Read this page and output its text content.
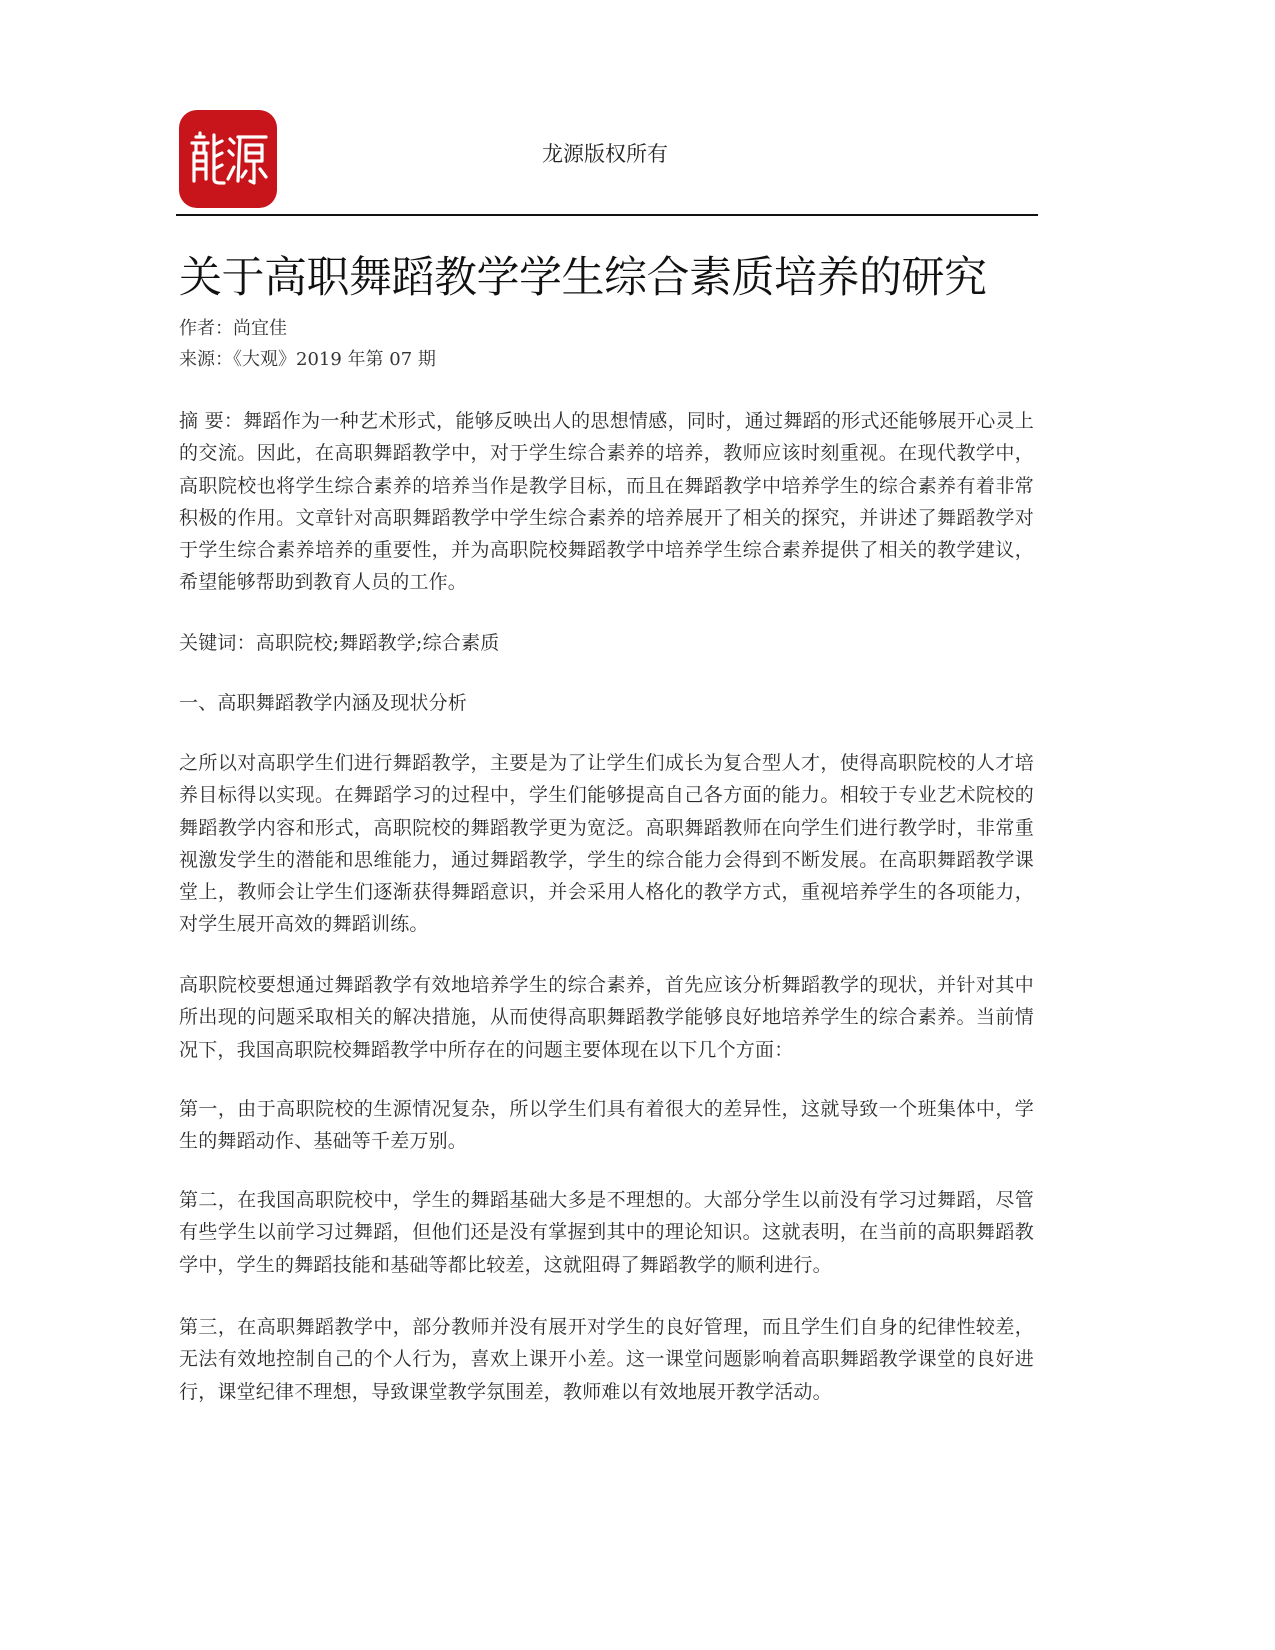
龙源版权所有
关于高职舞蹈教学学生综合素质培养的研究
作者：尚宜佳
来源：《大观》2019 年第 07 期

摘 要：舞蹈作为一种艺术形式，能够反映出人的思想情感，同时，通过舞蹈的形式还能够展开心灵上的交流。因此，在高职舞蹈教学中，对于学生综合素养的培养，教师应该时刻重视。在现代教学中，高职院校也将学生综合素养的培养当作是教学目标，而且在舞蹈教学中培养学生的综合素养有着非常积极的作用。文章针对高职舞蹈教学中学生综合素养的培养展开了相关的探究，并讲述了舞蹈教学对于学生综合素养培养的重要性，并为高职院校舞蹈教学中培养学生综合素养提供了相关的教学建议，希望能够帮助到教育人员的工作。

关键词：高职院校;舞蹈教学;综合素质

一、高职舞蹈教学内涵及现状分析

之所以对高职学生们进行舞蹈教学，主要是为了让学生们成长为复合型人才，使得高职院校的人才培养目标得以实现。在舞蹈学习的过程中，学生们能够提高自己各方面的能力。相较于专业艺术院校的舞蹈教学内容和形式，高职院校的舞蹈教学更为宽泛。高职舞蹈教师在向学生们进行教学时，非常重视激发学生的潜能和思维能力，通过舞蹈教学，学生的综合能力会得到不断发展。在高职舞蹈教学课堂上，教师会让学生们逐渐获得舞蹈意识，并会采用人格化的教学方式，重视培养学生的各项能力，对学生展开高效的舞蹈训练。

高职院校要想通过舞蹈教学有效地培养学生的综合素养，首先应该分析舞蹈教学的现状，并针对其中所出现的问题采取相关的解决措施，从而使得高职舞蹈教学能够良好地培养学生的综合素养。当前情况下，我国高职院校舞蹈教学中所存在的问题主要体现在以下几个方面：

第一，由于高职院校的生源情况复杂，所以学生们具有着很大的差异性，这就导致一个班集体中，学生的舞蹈动作、基础等千差万别。

第二，在我国高职院校中，学生的舞蹈基础大多是不理想的。大部分学生以前没有学习过舞蹈，尽管有些学生以前学习过舞蹈，但他们还是没有掌握到其中的理论知识。这就表明，在当前的高职舞蹈教学中，学生的舞蹈技能和基础等都比较差，这就阻碍了舞蹈教学的顺利进行。

第三，在高职舞蹈教学中，部分教师并没有展开对学生的良好管理，而且学生们自身的纪律性较差，无法有效地控制自己的个人行为，喜欢上课开小差。这一课堂问题影响着高职舞蹈教学课堂的良好进行，课堂纪律不理想，导致课堂教学氛围差，教师难以有效地展开教学活动。
